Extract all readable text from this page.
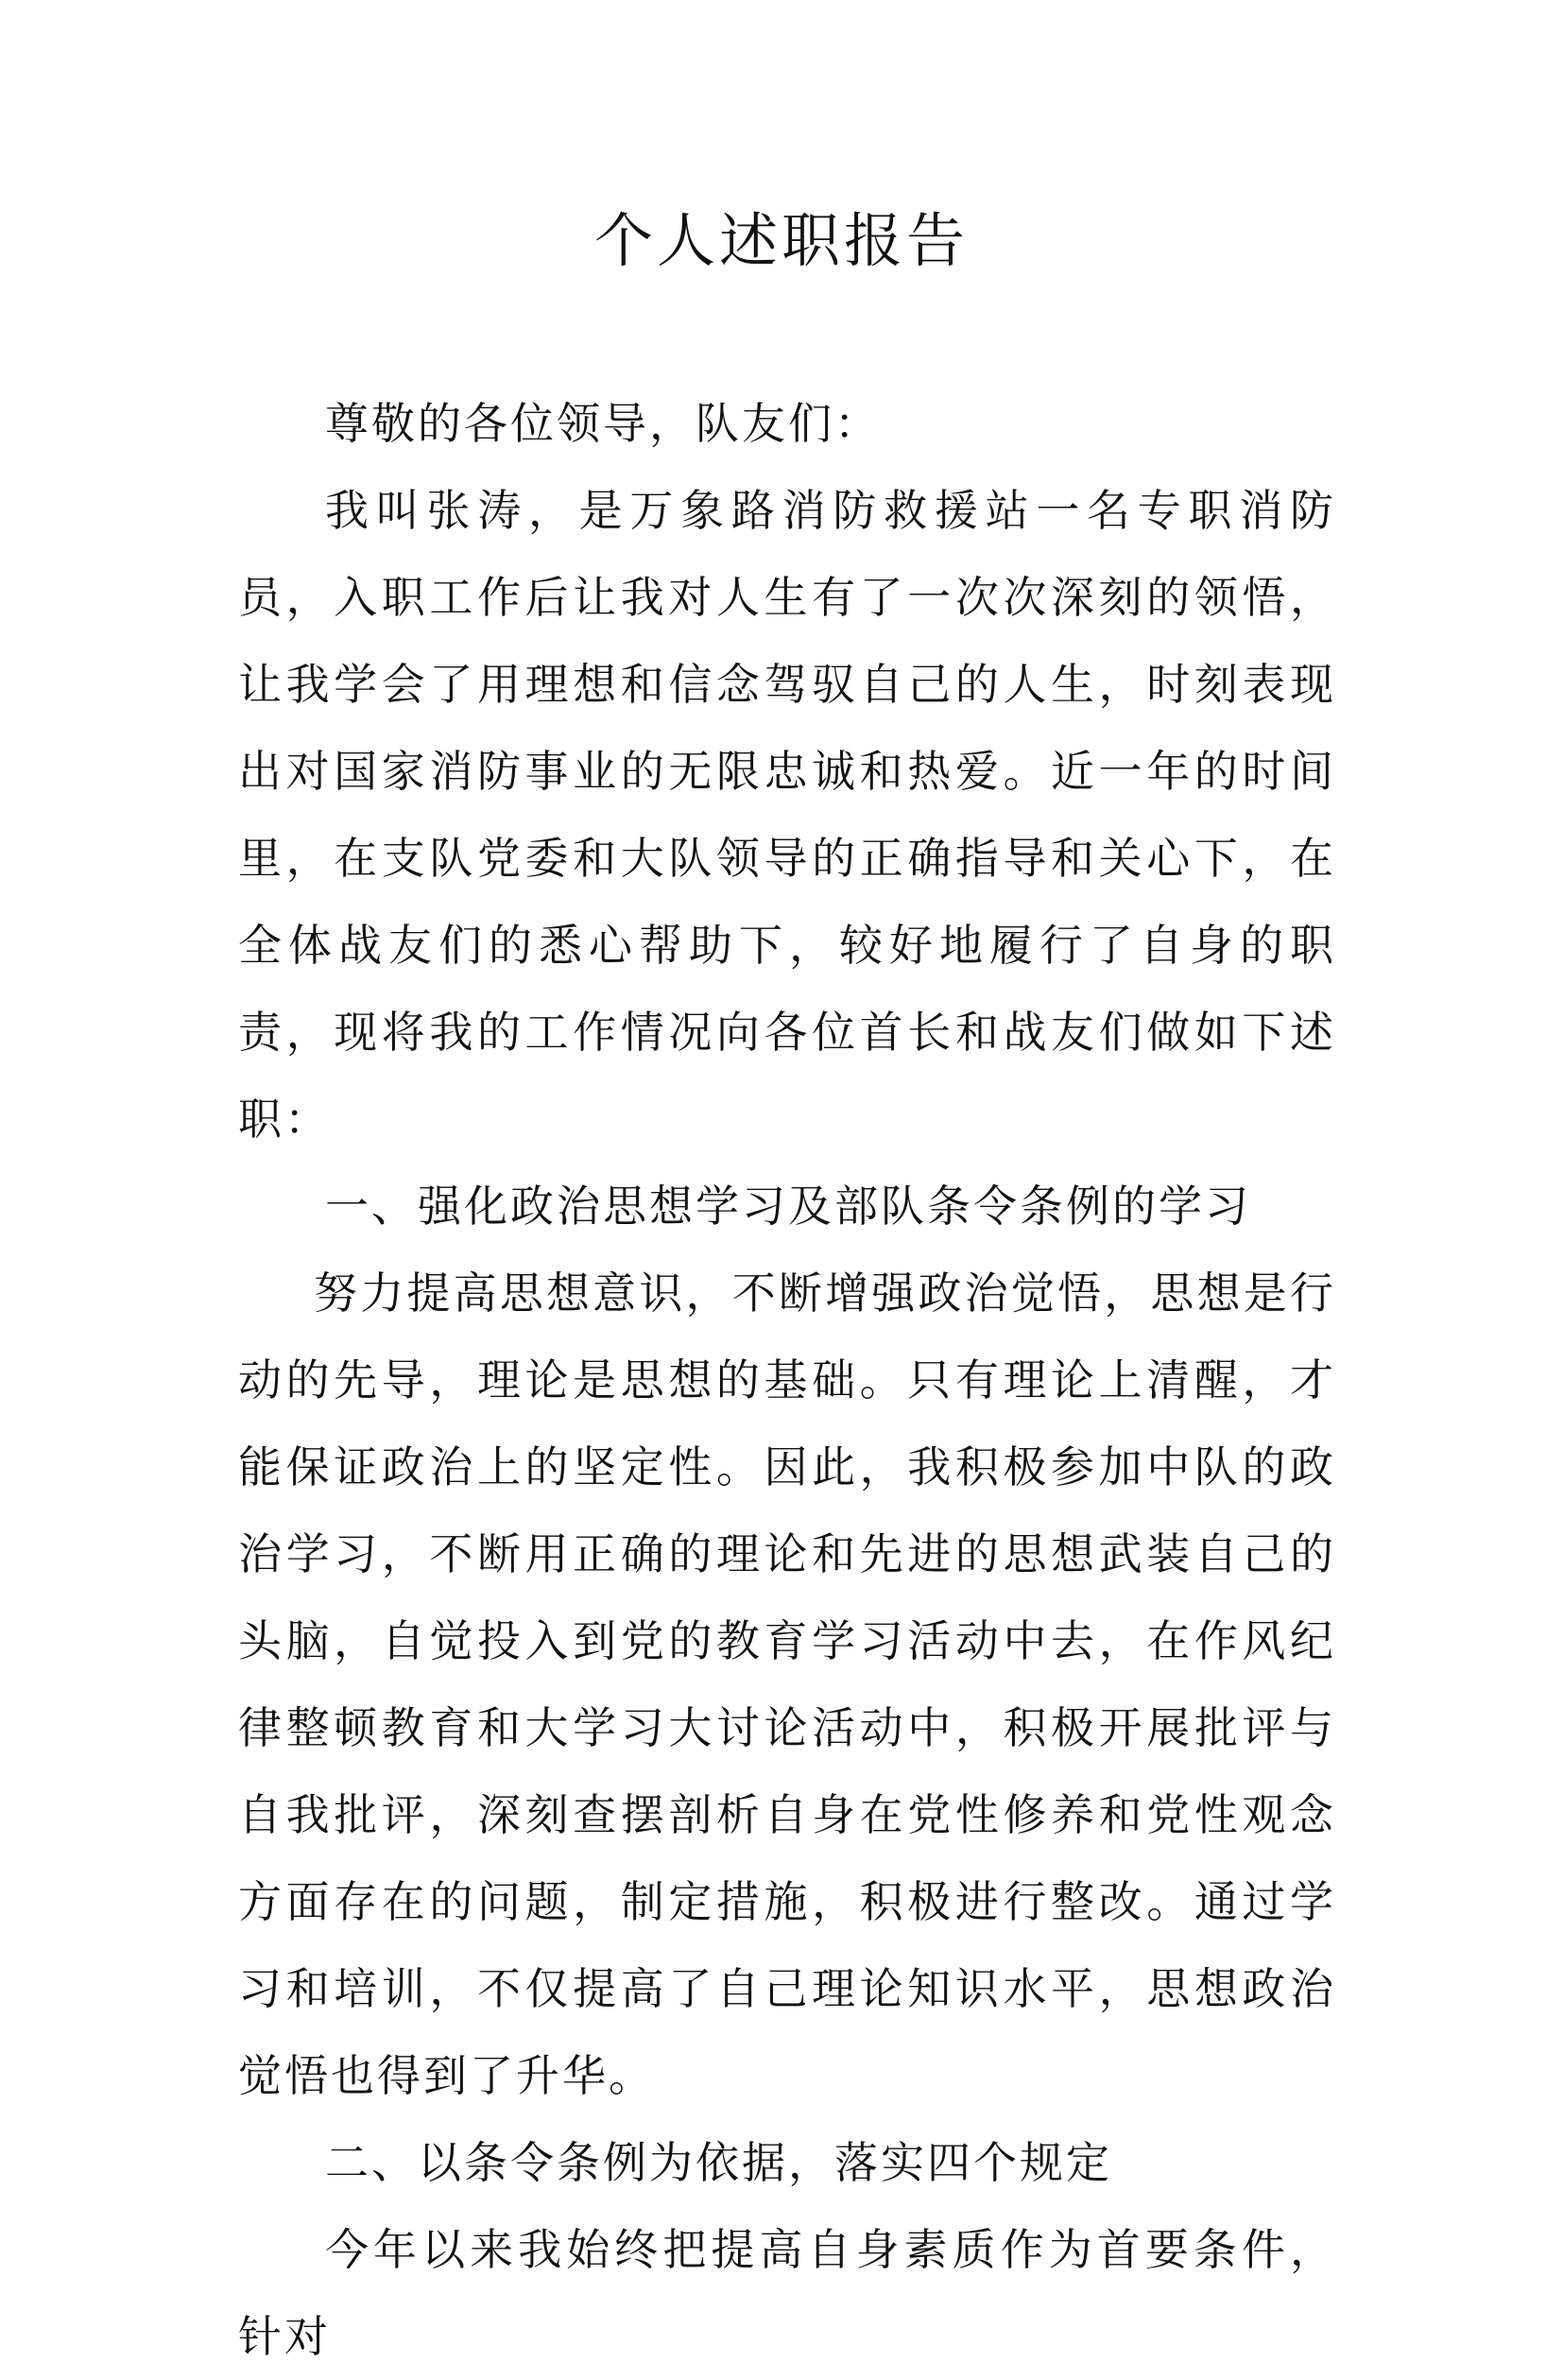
个人述职报告

尊敬的各位领导，队友们：

我叫张涛，是万象路消防救援站一名专职消防员，入职工作后让我对人生有了一次次深刻的领悟，让我学会了用理想和信念驾驭自己的人生，时刻表现出对国家消防事业的无限忠诚和热爱。近一年的时间里，在支队党委和大队领导的正确指导和关心下，在全体战友们的悉心帮助下，较好地履行了自身的职责，现将我的工作情况向各位首长和战友们做如下述职：

一、强化政治思想学习及部队条令条例的学习

努力提高思想意识，不断增强政治觉悟，思想是行动的先导，理论是思想的基础。只有理论上清醒，才能保证政治上的坚定性。因此，我积极参加中队的政治学习，不断用正确的理论和先进的思想武装自己的头脑，自觉投入到党的教育学习活动中去，在作风纪律整顿教育和大学习大讨论活动中，积极开展批评与自我批评，深刻查摆剖析自身在党性修养和党性观念方面存在的问题，制定措施，积极进行整改。通过学习和培训，不仅提高了自己理论知识水平，思想政治觉悟也得到了升华。

二、以条令条例为依据，落实四个规定

今年以来我始终把提高自身素质作为首要条件，针对
